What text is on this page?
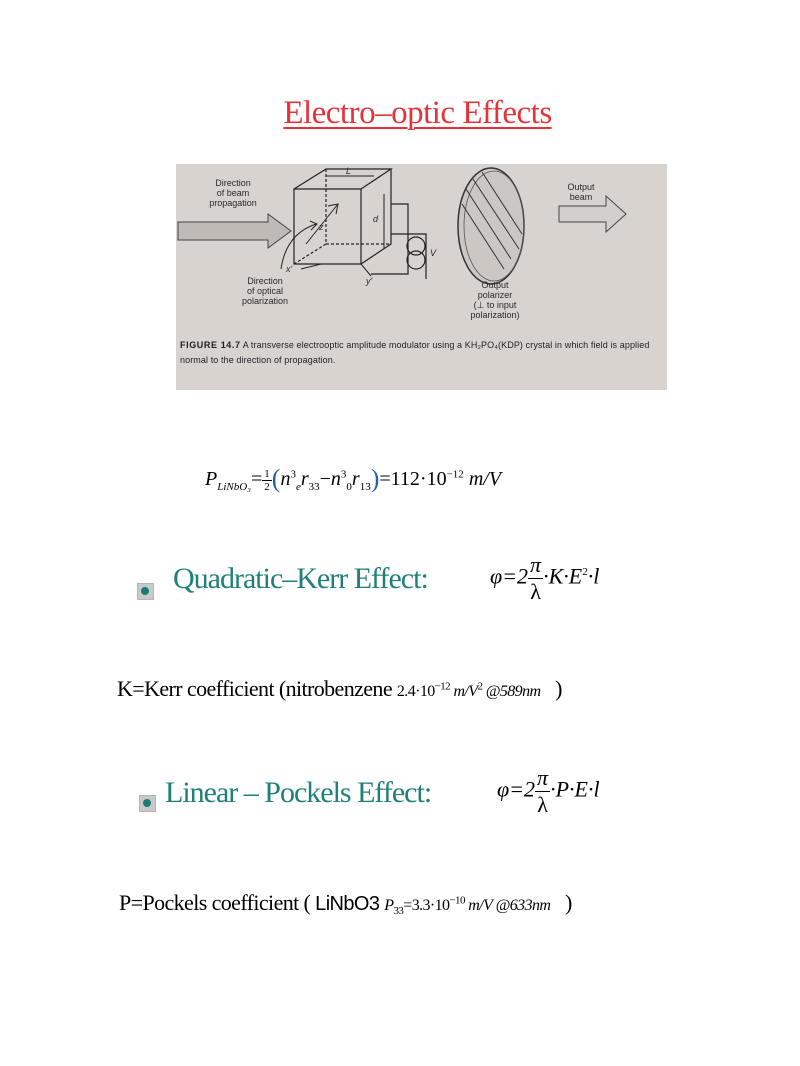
Electro–optic Effects
Direction
of beam
propagation
Direction
of optical
polarization
Output
polarizer
(⊥ to input
polarization)
Output
beam
L
d
z
x'
y'
V
FIGURE 14.7 A transverse electrooptic amplitude modulator using a KH₂PO₄(KDP) crystal in which field is applied normal to the direction of propagation.
$P_{LiNbO_3}= \frac{1}{2} (n^3_er_{33}-n^3_0r_{13})=112\cdot 10^{-12}$ m/V
Quadratic–Kerr Effect:	$\varphi=2 \frac{\pi}{\lambda} \cdot K\cdot E^2\cdot l$
K=Kerr coefficient (nitrobenzene $2.4\cdot 10^{-12}$ $m/V^2$ @589nm )
Linear – Pockels Effect:	$\varphi=2 \frac{\pi}{\lambda} \cdot P\cdot E\cdot l$
P=Pockels coefficient ( LiNbO3 $P_{33}=3.3\cdot 10^{-10}$ m/V @633nm )
